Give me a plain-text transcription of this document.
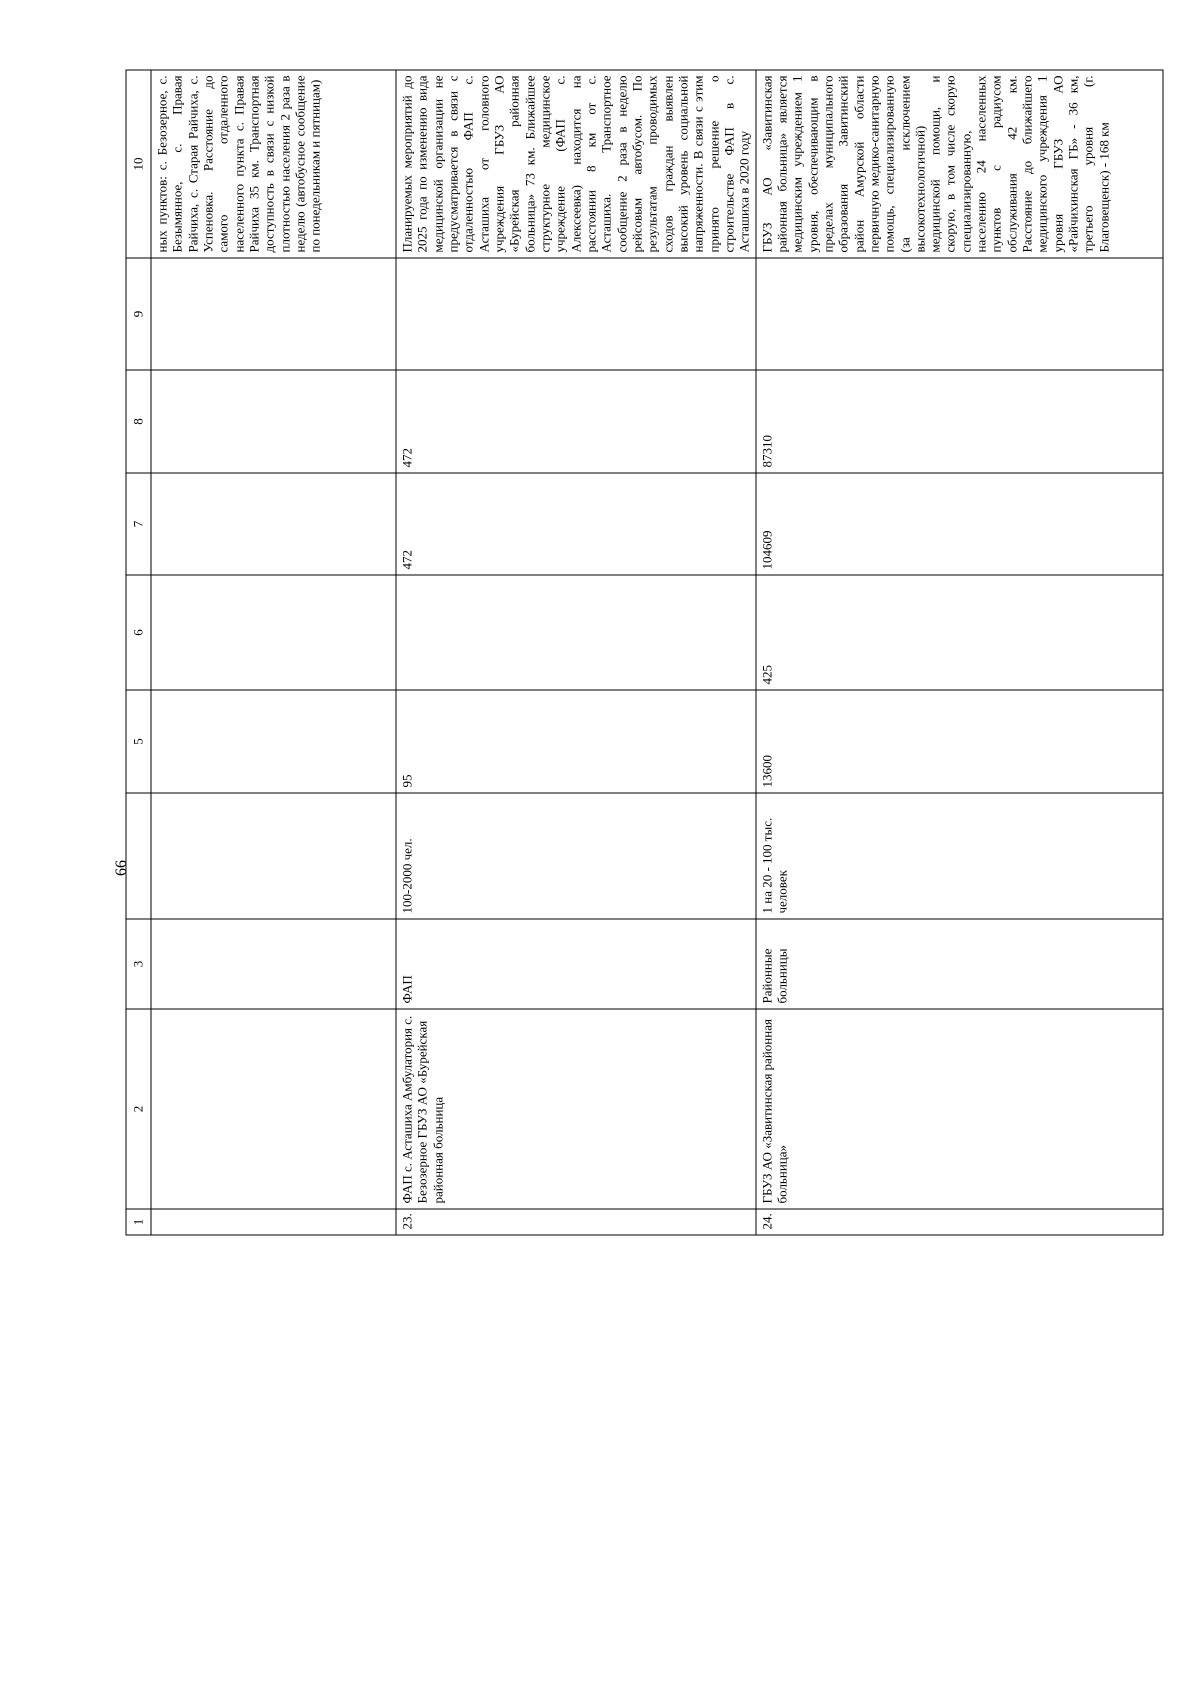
66
1	2	3		5	6	7	8	9	10
									ных пунктов: с. Безозерное, с. Безымянное, с. Правая Райчиха, с. Старая Райчиха, с. Успеновка. Расстояние до самого отдаленного населенного пункта с. Правая Райчиха 35 км. Транспортная доступность в связи с низкой плотностью населения 2 раза в неделю (автобусное сообщение по понедельникам и пятницам)
23.	ФАП с. Асташиха Амбулатория с. Безозерное ГБУЗ АО «Бурейская районная больница	ФАП	100-2000 чел.	95		472	472		Планируемых мероприятий до 2025 года по изменению вида медицинской организации не предусматривается в связи с отдаленностью ФАП с. Асташиха от головного учреждения ГБУЗ АО «Бурейская районная больница» 73 км. Ближайшее структурное медицинское учреждение (ФАП с. Алексеевка) находится на расстоянии 8 км от с. Асташиха. Транспортное сообщение 2 раза в неделю рейсовым автобусом. По результатам проводимых сходов граждан выявлен высокий уровень социальной напряженности. В связи с этим принято решение о строительстве ФАП в с. Асташиха в 2020 году
24.	ГБУЗ АО «Завитинская районная больница»	Районные больницы	1 на 20 - 100 тыс. человек	13600	425	104609	87310		ГБУЗ АО «Завитинская районная больница» является медицинским учреждением 1 уровня, обеспечивающим в пределах муниципального образования Завитинский район Амурской области первичную медико-санитарную помощь, специализированную (за исключением высокотехнологичной) медицинской помощи, и скорую, в том числе скорую специализированную, населению 24 населенных пунктов с радиусом обслуживания 42 км. Расстояние до ближайшего медицинского учреждения 1 уровня ГБУЗ АО «Райчихинская ГБ» - 36 км, третьего уровня (г. Благовещенск) - 168 км
